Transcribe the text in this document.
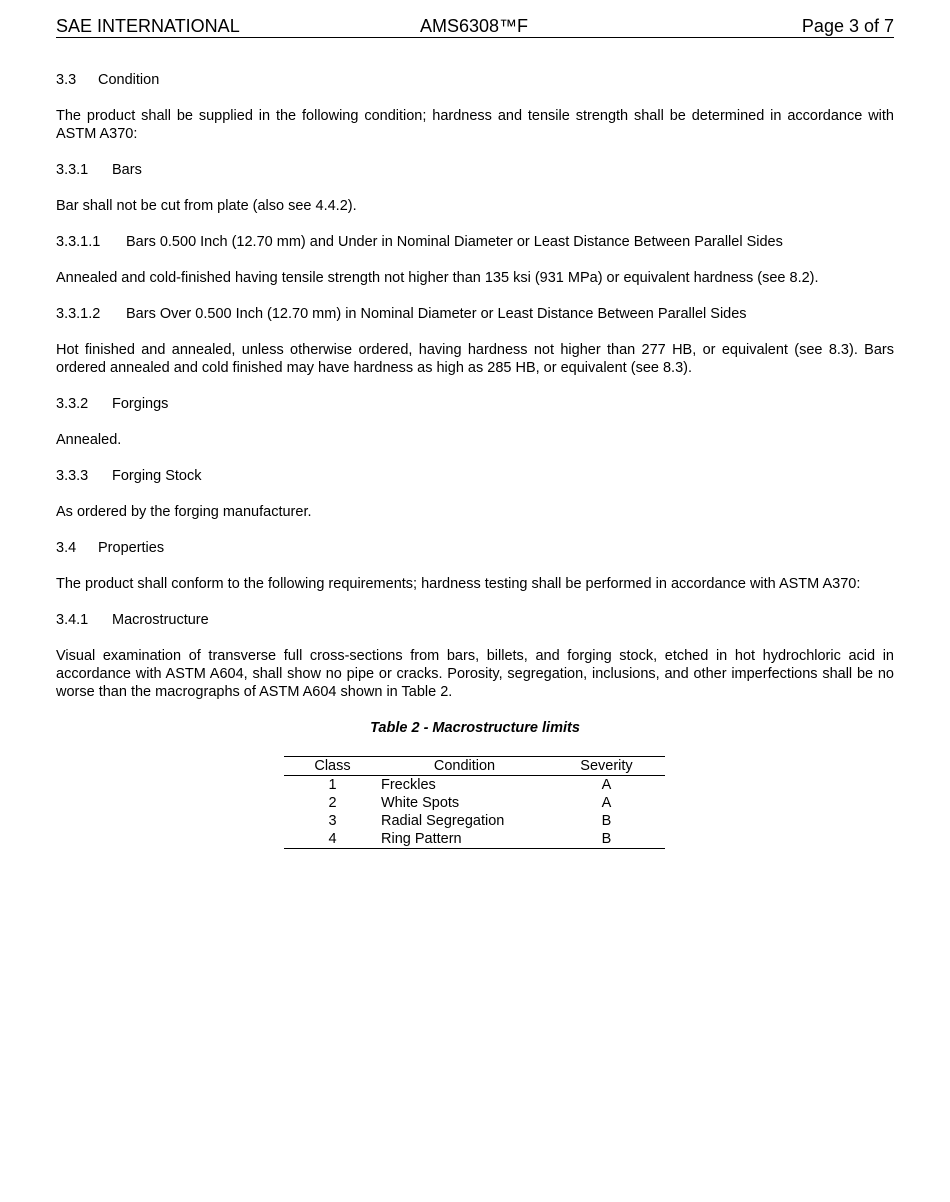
SAE INTERNATIONAL	AMS6308™F	Page 3 of 7
3.3 Condition

The product shall be supplied in the following condition; hardness and tensile strength shall be determined in accordance with ASTM A370:

3.3.1 Bars

Bar shall not be cut from plate (also see 4.4.2).

3.3.1.1 Bars 0.500 Inch (12.70 mm) and Under in Nominal Diameter or Least Distance Between Parallel Sides

Annealed and cold-finished having tensile strength not higher than 135 ksi (931 MPa) or equivalent hardness (see 8.2).

3.3.1.2 Bars Over 0.500 Inch (12.70 mm) in Nominal Diameter or Least Distance Between Parallel Sides

Hot finished and annealed, unless otherwise ordered, having hardness not higher than 277 HB, or equivalent (see 8.3). Bars ordered annealed and cold finished may have hardness as high as 285 HB, or equivalent (see 8.3).

3.3.2 Forgings

Annealed.

3.3.3 Forging Stock

As ordered by the forging manufacturer.

3.4 Properties

The product shall conform to the following requirements; hardness testing shall be performed in accordance with ASTM A370:

3.4.1 Macrostructure

Visual examination of transverse full cross-sections from bars, billets, and forging stock, etched in hot hydrochloric acid in accordance with ASTM A604, shall show no pipe or cracks. Porosity, segregation, inclusions, and other imperfections shall be no worse than the macrographs of ASTM A604 shown in Table 2.

Table 2 - Macrostructure limits
Class	Condition	Severity
1	Freckles	A
2	White Spots	A
3	Radial Segregation	B
4	Ring Pattern	B
